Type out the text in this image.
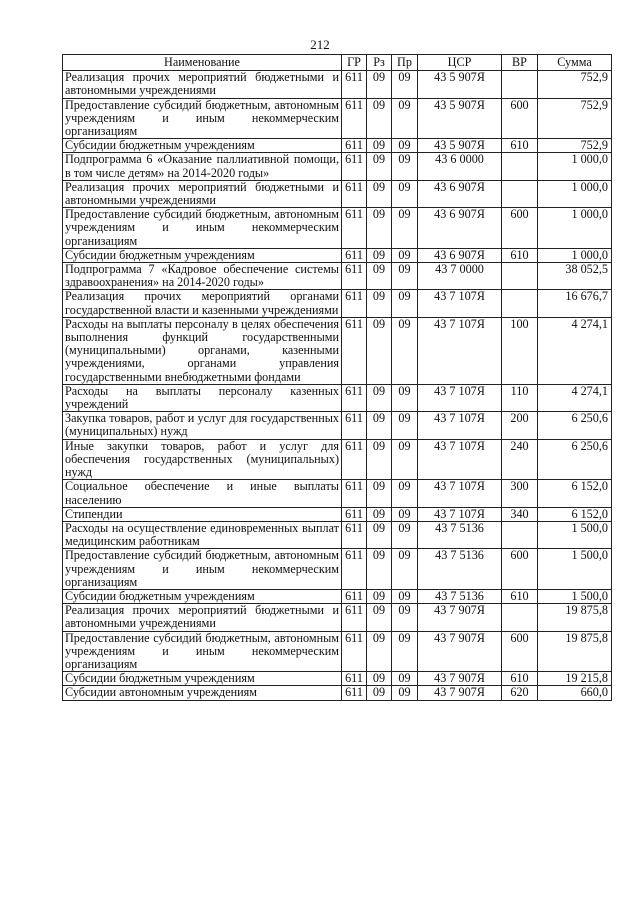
212
Наименование	ГР	Рз	Пр	ЦСР	ВР	Сумма
Реализация прочих мероприятий бюджетными и автономными учреждениями	611	09	09	43 5 907Я		752,9
Предоставление субсидий бюджетным, автономным учреждениям и иным некоммерческим организациям	611	09	09	43 5 907Я	600	752,9
Субсидии бюджетным учреждениям	611	09	09	43 5 907Я	610	752,9
Подпрограмма 6 «Оказание паллиативной помощи, в том числе детям» на 2014-2020 годы»	611	09	09	43 6 0000		1 000,0
Реализация прочих мероприятий бюджетными и автономными учреждениями	611	09	09	43 6 907Я		1 000,0
Предоставление субсидий бюджетным, автономным учреждениям и иным некоммерческим организациям	611	09	09	43 6 907Я	600	1 000,0
Субсидии бюджетным учреждениям	611	09	09	43 6 907Я	610	1 000,0
Подпрограмма 7 «Кадровое обеспечение системы здравоохранения» на 2014-2020 годы»	611	09	09	43 7 0000		38 052,5
Реализация прочих мероприятий органами государственной власти и казенными учреждениями	611	09	09	43 7 107Я		16 676,7
Расходы на выплаты персоналу в целях обеспечения выполнения функций государственными (муниципальными) органами, казенными учреждениями, органами управления государственными внебюджетными фондами	611	09	09	43 7 107Я	100	4 274,1
Расходы на выплаты персоналу казенных учреждений	611	09	09	43 7 107Я	110	4 274,1
Закупка товаров, работ и услуг для государственных (муниципальных) нужд	611	09	09	43 7 107Я	200	6 250,6
Иные закупки товаров, работ и услуг для обеспечения государственных (муниципальных) нужд	611	09	09	43 7 107Я	240	6 250,6
Социальное обеспечение и иные выплаты населению	611	09	09	43 7 107Я	300	6 152,0
Стипендии	611	09	09	43 7 107Я	340	6 152,0
Расходы на осуществление единовременных выплат медицинским работникам	611	09	09	43 7 5136		1 500,0
Предоставление субсидий бюджетным, автономным учреждениям и иным некоммерческим организациям	611	09	09	43 7 5136	600	1 500,0
Субсидии бюджетным учреждениям	611	09	09	43 7 5136	610	1 500,0
Реализация прочих мероприятий бюджетными и автономными учреждениями	611	09	09	43 7 907Я		19 875,8
Предоставление субсидий бюджетным, автономным учреждениям и иным некоммерческим организациям	611	09	09	43 7 907Я	600	19 875,8
Субсидии бюджетным учреждениям	611	09	09	43 7 907Я	610	19 215,8
Субсидии автономным учреждениям	611	09	09	43 7 907Я	620	660,0
